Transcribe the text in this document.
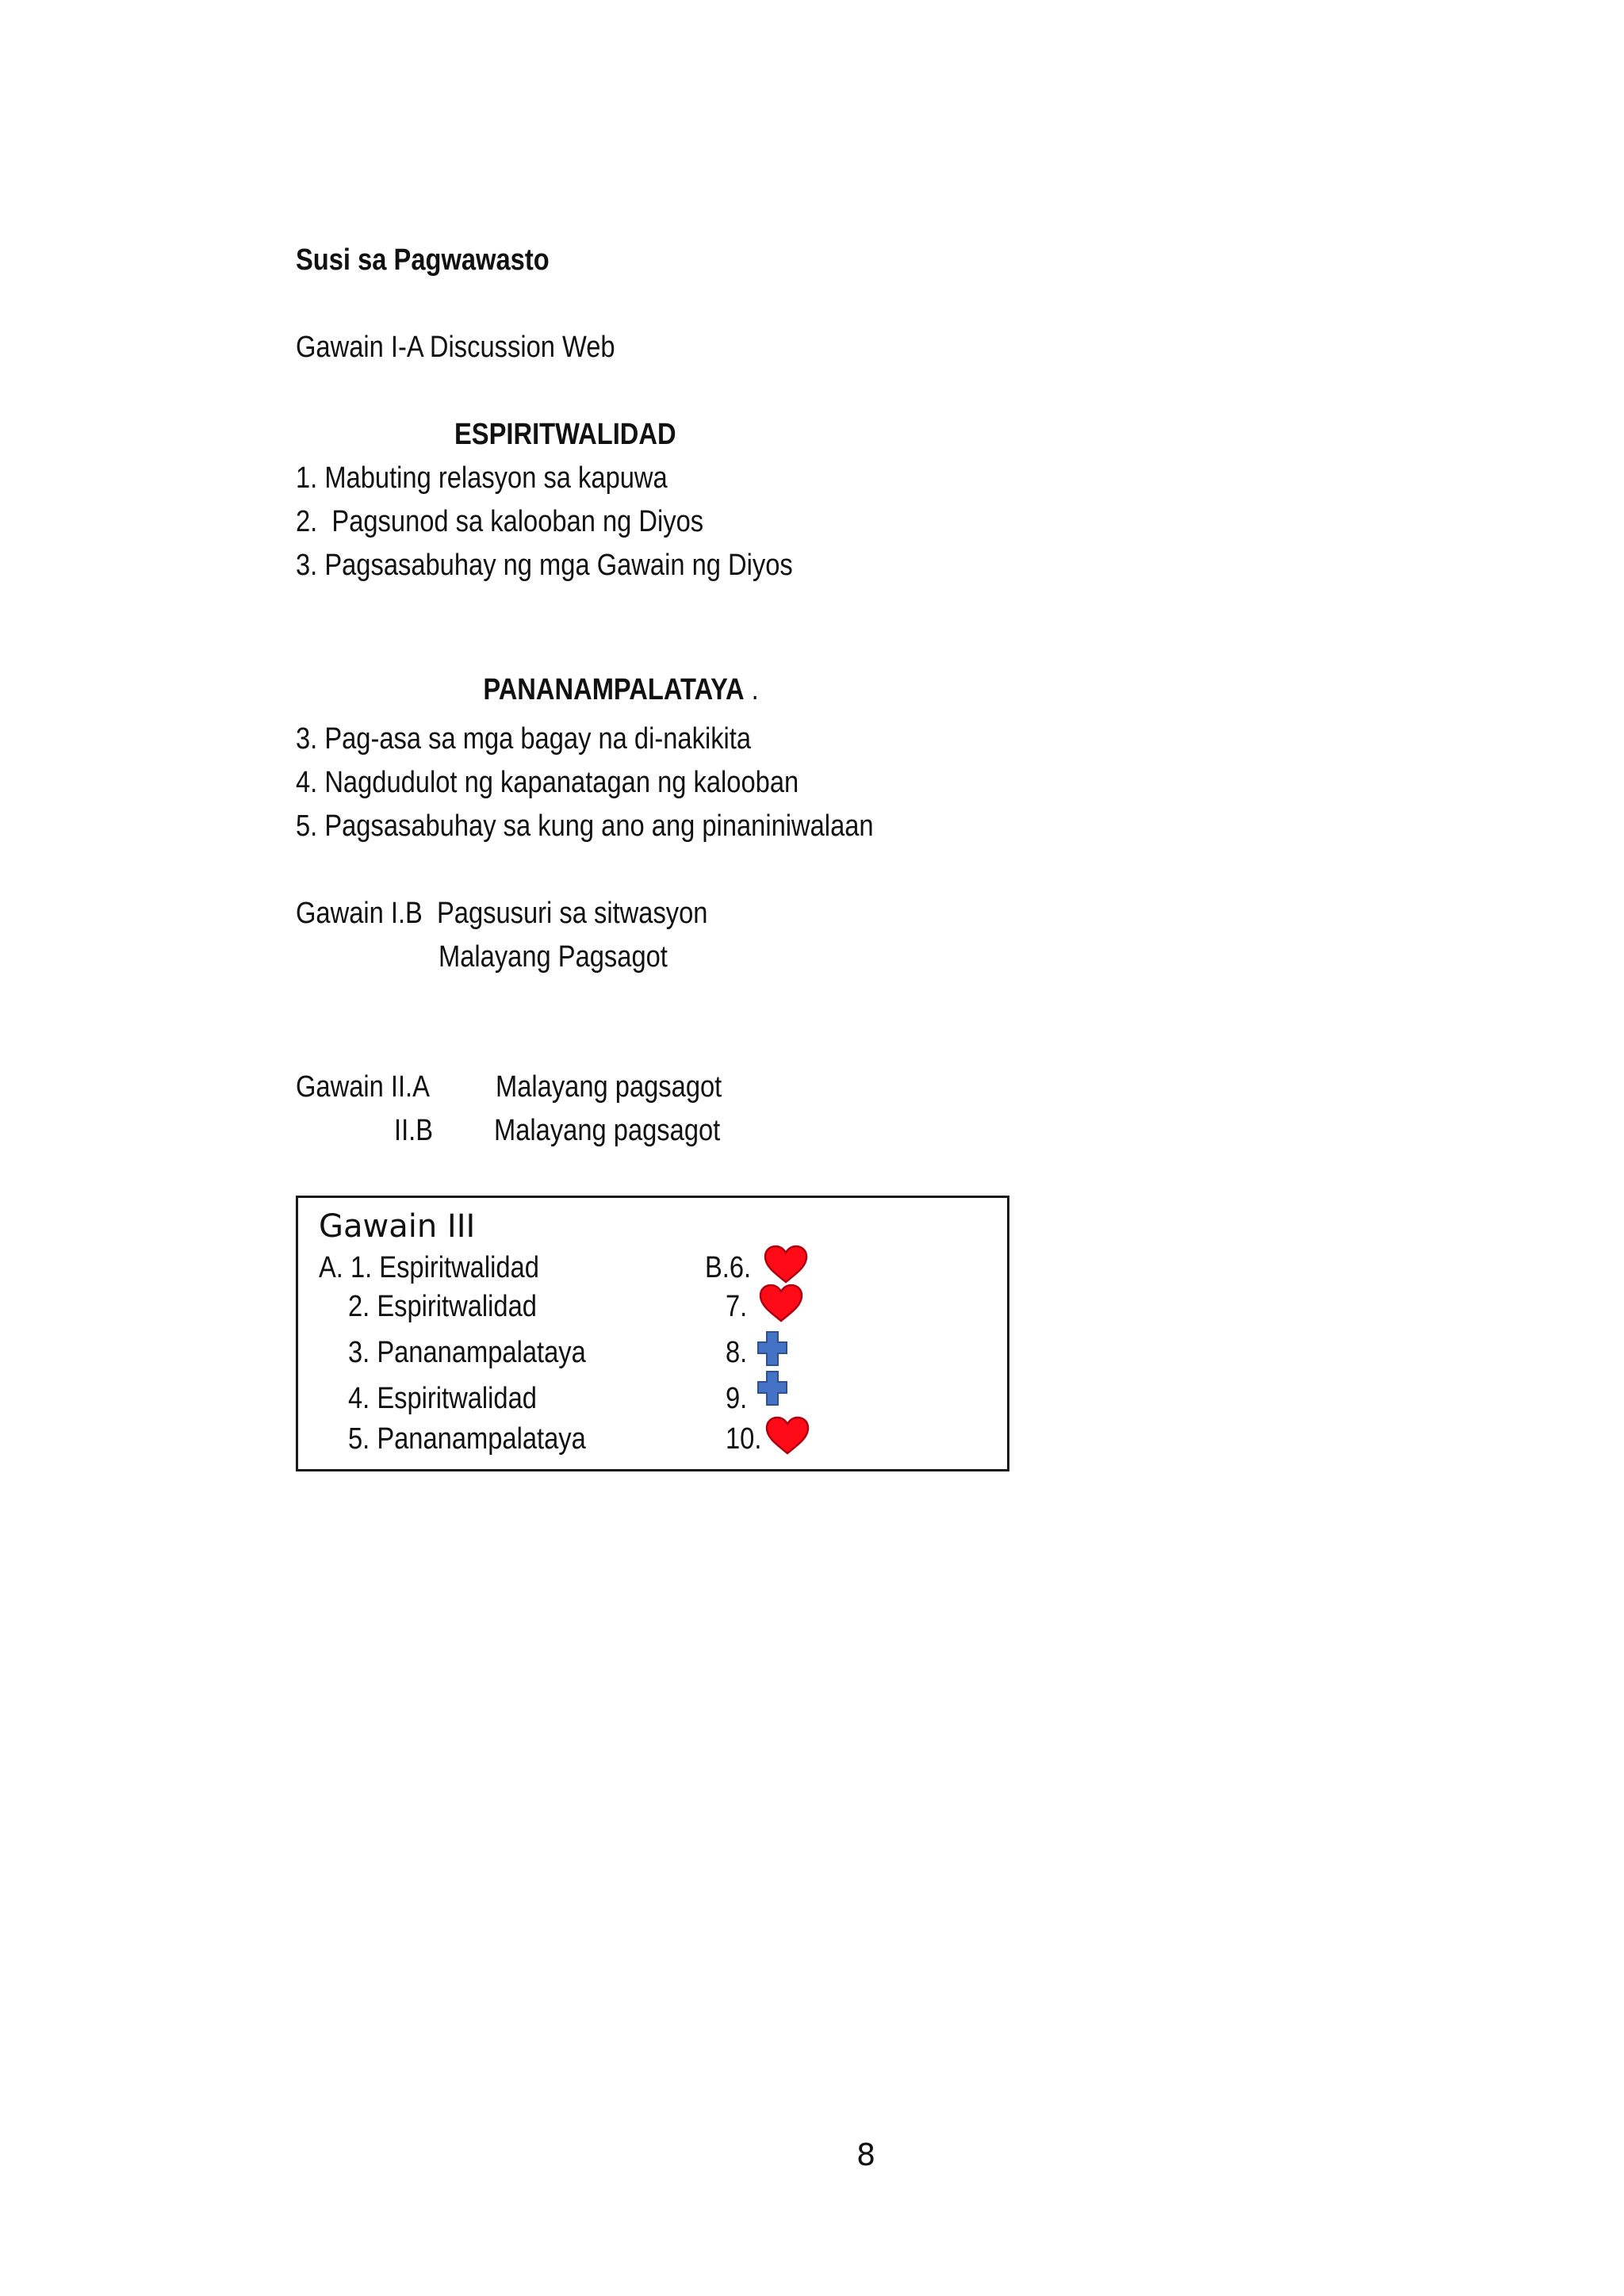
Susi sa Pagwawasto
Gawain I-A Discussion Web
ESPIRITWALIDAD
1. Mabuting relasyon sa kapuwa
2.  Pagsunod sa kalooban ng Diyos
3. Pagsasabuhay ng mga Gawain ng Diyos

PANANAMPALATAYA .

3. Pag-asa sa mga bagay na di-nakikita
4. Nagdudulot ng kapanatagan ng kalooban
5. Pagsasabuhay sa kung ano ang pinaniniwalaan
Gawain I.B  Pagsusuri sa sitwasyon
Malayang Pagsagot
Gawain II.A Malayang pagsagot
II.B Malayang pagsagot
Gawain III
A. 1. Espiritwalidad	B.6.
2. Espiritwalidad	7.
3. Pananampalataya	8.
4. Espiritwalidad	9.
5. Pananampalataya	10.
8
